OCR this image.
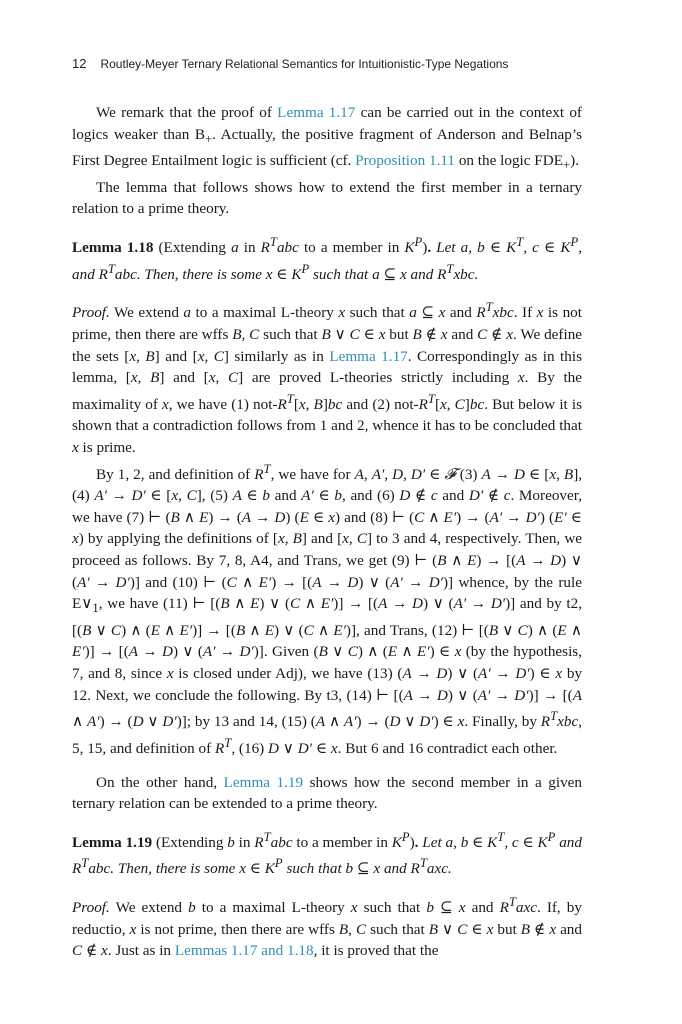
12 Routley-Meyer Ternary Relational Semantics for Intuitionistic-Type Negations

We remark that the proof of Lemma 1.17 can be carried out in the context of logics weaker than $B_+$. Actually, the positive fragment of Anderson and Belnap’s First Degree Entailment logic is sufficient (cf. Proposition 1.11 on the logic $FDE_+$).

The lemma that follows shows how to extend the first member in a ternary relation to a prime theory.

Lemma 1.18 (Extending a in $R^Tabc$ to a member in $K^P$). Let a, b ∈ $K^T$, c ∈ $K^P$, and $R^Tabc$. Then, there is some x ∈ $K^P$ such that a ⊆ x and $R^Txbc$.

Proof. We extend a to a maximal L-theory x such that a ⊆ x and $R^Txbc$. If x is not prime, then there are wffs B, C such that B ∨ C ∈ x but B ∉ x and C ∉ x. We define the sets [x, B] and [x, C] similarly as in Lemma 1.17. Correspondingly as in this lemma, [x, B] and [x, C] are proved L-theories strictly including x. By the maximality of x, we have (1) not-$R^T[x$, B]bc and (2) not-$R^T[x$, C]bc. But below it is shown that a contradiction follows from 1 and 2, whence it has to be concluded that x is prime.

By 1, 2, and definition of $R^T$, we have for A, A′, D, D′ ∈ 𝓕 (3) A → D ∈ [x, B], (4) A′ → D′ ∈ [x, C], (5) A ∈ b and A′ ∈ b, and (6) D ∉ c and D′ ∉ c. Moreover, we have (7) ⊢ (B ∧ E) → (A → D) (E ∈ x) and (8) ⊢ (C ∧ E′) → (A′ → D′) (E′ ∈ x) by applying the definitions of [x, B] and [x, C] to 3 and 4, respectively. Then, we proceed as follows. By 7, 8, A4, and Trans, we get (9) ⊢ (B ∧ E) → [(A → D) ∨ (A′ → D′)] and (10) ⊢ (C ∧ E′) → [(A → D) ∨ (A′ → D′)] whence, by the rule $E\vee_1$, we have (11) ⊢ [(B ∧ E) ∨ (C ∧ E′)] → [(A → D) ∨ (A′ → D′)] and by t2, [(B ∨ C) ∧ (E ∧ E′)] → [(B ∧ E) ∨ (C ∧ E′)], and Trans, (12) ⊢ [(B ∨ C) ∧ (E ∧ E′)] → [(A → D) ∨ (A′ → D′)]. Given (B ∨ C) ∧ (E ∧ E′) ∈ x (by the hypothesis, 7, and 8, since x is closed under Adj), we have (13) (A → D) ∨ (A′ → D′) ∈ x by 12. Next, we conclude the following. By t3, (14) ⊢ [(A → D) ∨ (A′ → D′)] → [(A ∧ A′) → (D ∨ D′)]; by 13 and 14, (15) (A ∧ A′) → (D ∨ D′) ∈ x. Finally, by $R^Txbc$, 5, 15, and definition of $R^T$, (16) D ∨ D′ ∈ x. But 6 and 16 contradict each other.

On the other hand, Lemma 1.19 shows how the second member in a given ternary relation can be extended to a prime theory.

Lemma 1.19 (Extending b in $R^Tabc$ to a member in $K^P$). Let a, b ∈ $K^T$, c ∈ $K^P$ and $R^Tabc$. Then, there is some x ∈ $K^P$ such that b ⊆ x and $R^Taxc$.

Proof. We extend b to a maximal L-theory x such that b ⊆ x and $R^Taxc$. If, by reductio, x is not prime, then there are wffs B, C such that B ∨ C ∈ x but B ∉ x and C ∉ x. Just as in Lemmas 1.17 and 1.18, it is proved that the
